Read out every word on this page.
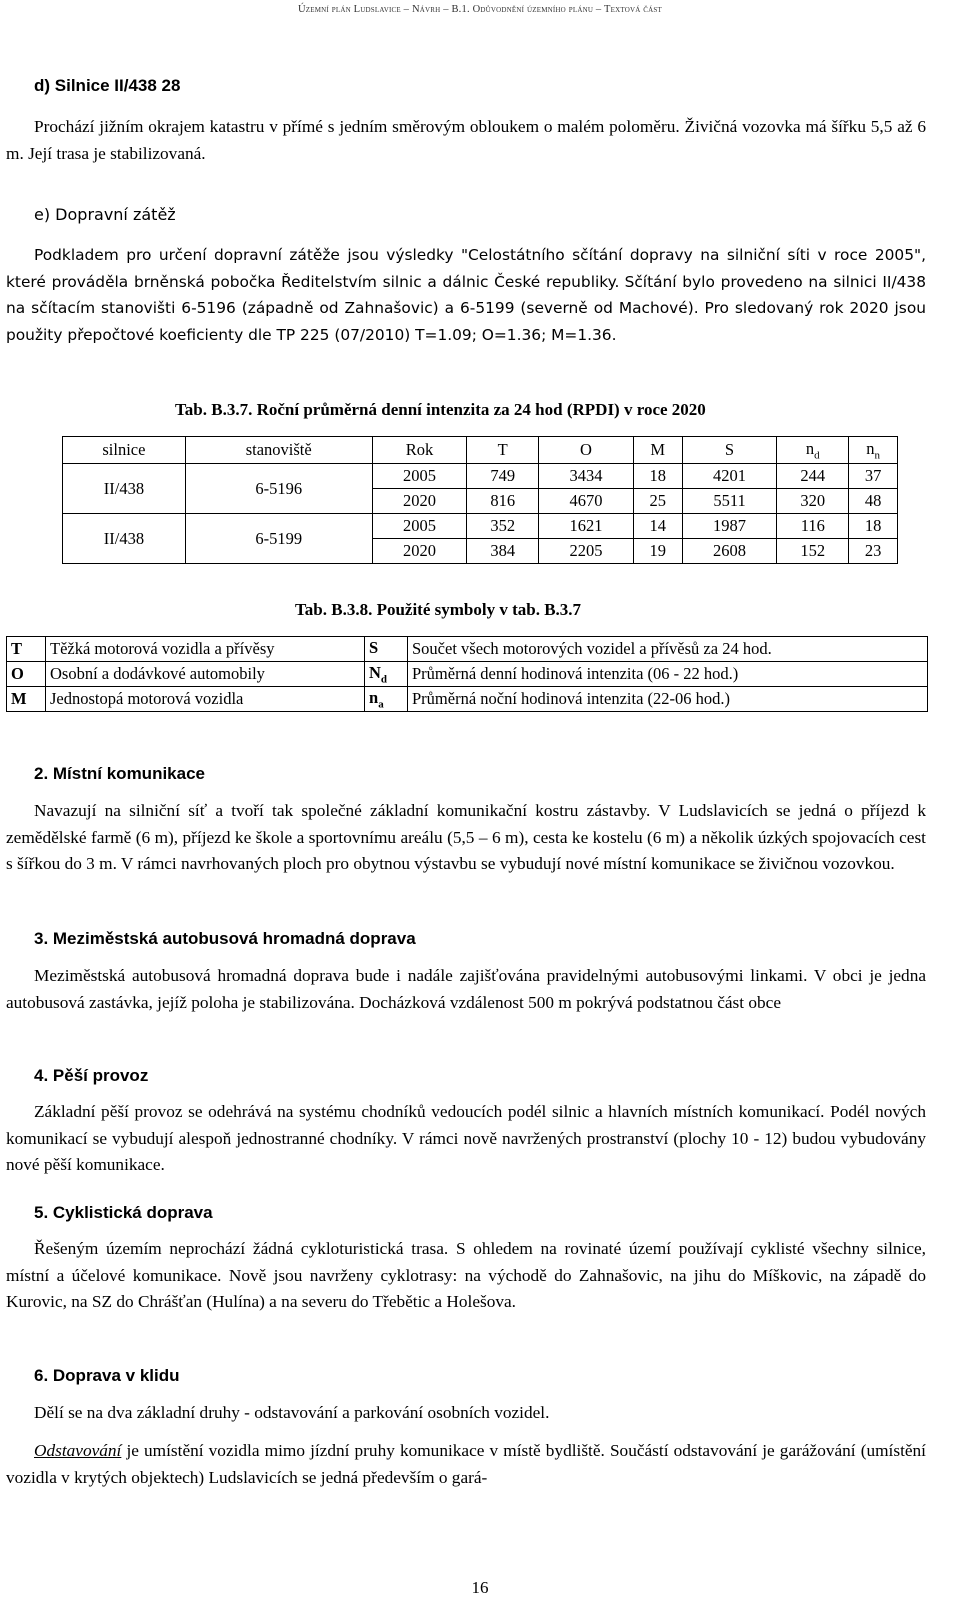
Územní plán Ludslavice – Návrh – B.1. Odůvodnění územního plánu – Textová část
d) Silnice II/438 28
Prochází jižním okrajem katastru v přímé s jedním směrovým obloukem o malém poloměru. Živičná vozovka má šířku 5,5 až 6 m. Její trasa je stabilizovaná.
e) Dopravní zátěž
Podkladem pro určení dopravní zátěže jsou výsledky "Celostátního sčítání dopravy na silniční síti v roce 2005", které prováděla brněnská pobočka Ředitelstvím silnic a dálnic České republiky. Sčítání bylo provedeno na silnici II/438 na sčítacím stanovišti 6-5196 (západně od Zahnašovic) a 6-5199 (severně od Machové). Pro sledovaný rok 2020 jsou použity přepočtové koeficienty dle TP 225 (07/2010) T=1.09; O=1.36; M=1.36.
Tab. B.3.7. Roční průměrná denní intenzita za 24 hod (RPDI) v roce 2020
silnice	stanoviště	Rok	T	O	M	S	$n_d$	$n_n$
II/438	6-5196	2005	749	3434	18	4201	244	37
		2020	816	4670	25	5511	320	48
II/438	6-5199	2005	352	1621	14	1987	116	18
		2020	384	2205	19	2608	152	23
Tab. B.3.8. Použité symboly v tab. B.3.7
T	Těžká motorová vozidla a přívěsy	S	Součet všech motorových vozidel a přívěsů za 24 hod.
O	Osobní a dodávkové automobily	$N_d$	Průměrná denní hodinová intenzita (06 - 22 hod.)
M	Jednostopá motorová vozidla	$n_a$	Průměrná noční hodinová intenzita (22-06 hod.)
2. Místní komunikace
Navazují na silniční síť a tvoří tak společné základní komunikační kostru zástavby. V Ludslavicích se jedná o příjezd k zemědělské farmě (6 m), příjezd ke škole a sportovnímu areálu (5,5 – 6 m), cesta ke kostelu (6 m) a několik úzkých spojovacích cest s šířkou do 3 m. V rámci navrhovaných ploch pro obytnou výstavbu se vybudují nové místní komunikace se živičnou vozovkou.
3. Meziměstská autobusová hromadná doprava
Meziměstská autobusová hromadná doprava bude i nadále zajišťována pravidelnými autobusovými linkami. V obci je jedna autobusová zastávka, jejíž poloha je stabilizována. Docházková vzdálenost 500 m pokrývá podstatnou část obce
4. Pěší provoz
Základní pěší provoz se odehrává na systému chodníků vedoucích podél silnic a hlavních místních komunikací. Podél nových komunikací se vybudují alespoň jednostranné chodníky. V rámci nově navržených prostranství (plochy 10 - 12) budou vybudovány nové pěší komunikace.
5. Cyklistická doprava
Řešeným územím neprochází žádná cykloturistická trasa. S ohledem na rovinaté území používají cyklisté všechny silnice, místní a účelové komunikace. Nově jsou navrženy cyklotrasy: na východě do Zahnašovic, na jihu do Míškovic, na západě do Kurovic, na SZ do Chrášťan (Hulína) a na severu do Třebětic a Holešova.
6. Doprava v klidu
Dělí se na dva základní druhy - odstavování a parkování osobních vozidel.
Odstavování je umístění vozidla mimo jízdní pruhy komunikace v místě bydliště. Součástí odstavování je garážování (umístění vozidla v krytých objektech) Ludslavicích se jedná především o gará-
16
